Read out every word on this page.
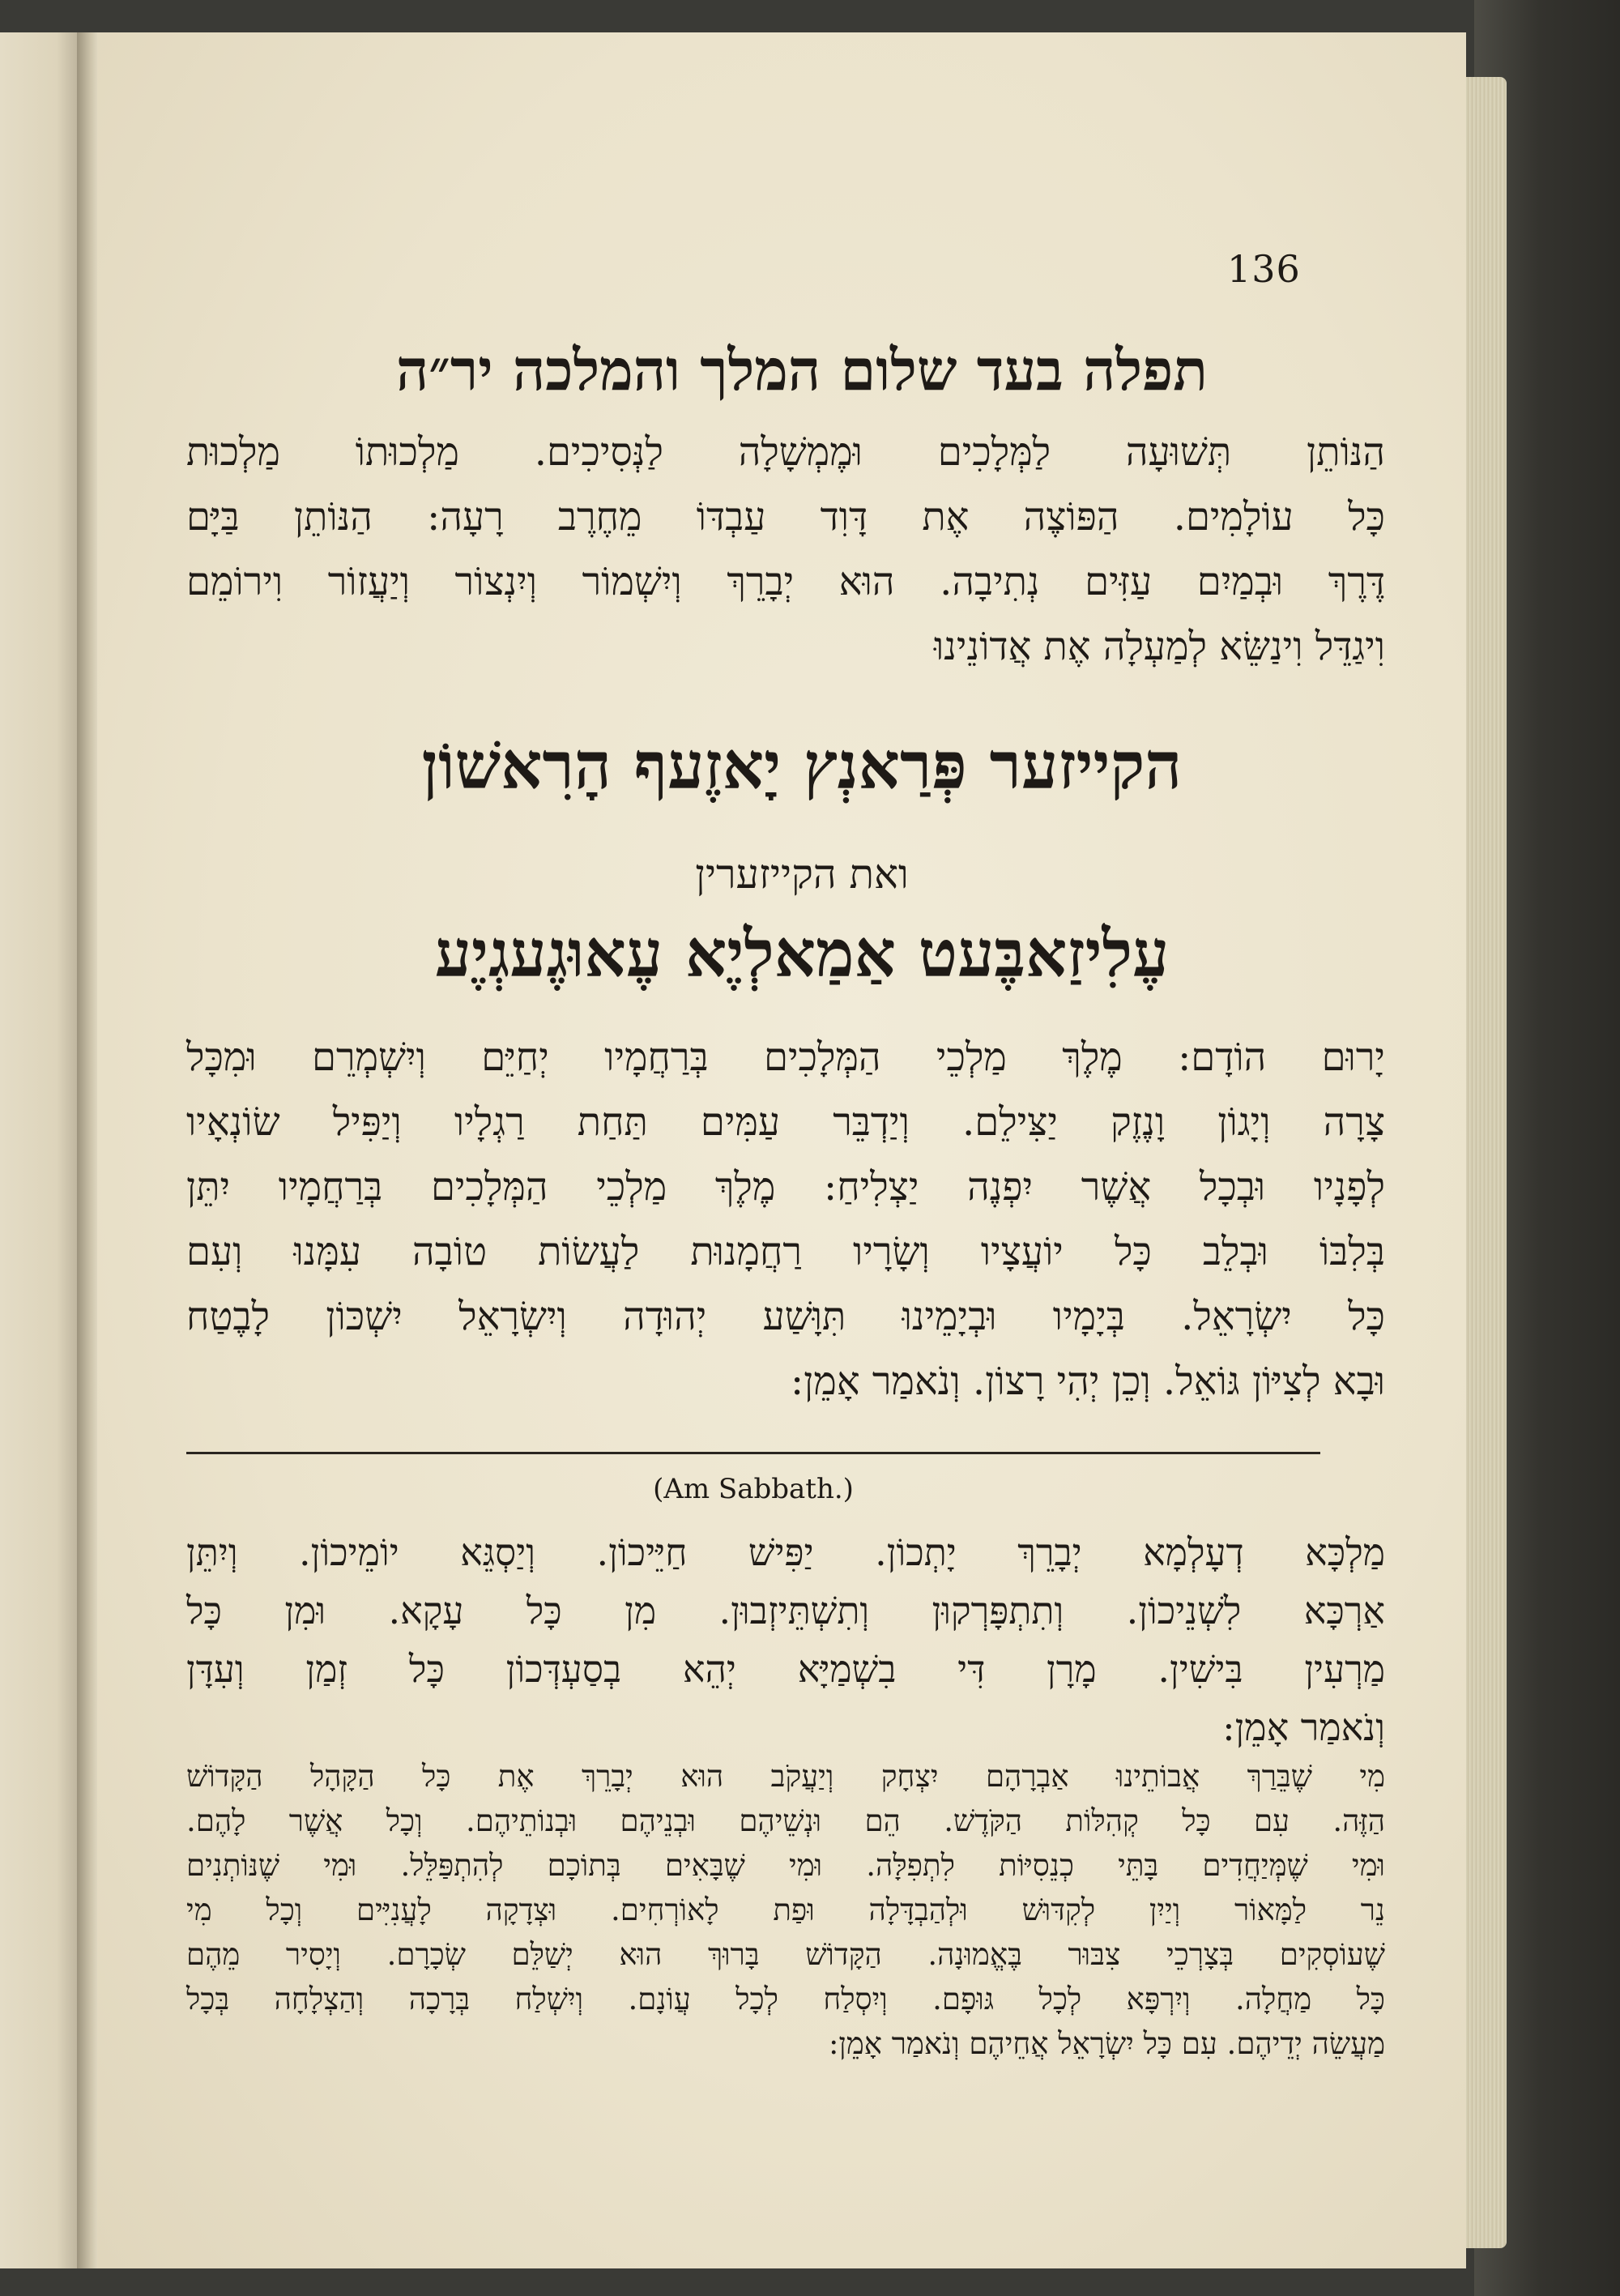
136
תפלה בעד שלום המלך והמלכה יר״ה
הַנּוֹתֵן תְּשׁוּעָה לַמְּלָכִים וּמֶמְשָׁלָה לַנְּסִיכִים. מַלְכוּתוֹ מַלְכוּת
כָּל עוֹלָמִים. הַפּוֹצֶה אֶת דָּוִד עַבְדּוֹ מֵחֶרֶב רָעָה: הַנּוֹתֵן בַּיָּם
דֶּרֶךְ וּבְמַיִם עַזִּים נְתִיבָה. הוּא יְבָרֵךְ וְיִשְׁמוֹר וְיִנְצוֹר וְיַעֲזוֹר וִירוֹמֵם
וִיגַדֵּל וִינַשֵּׂא לְמַעְלָה אֶת אֲדוֹנֵינוּ
הקייזער פְּרַאנְץ יָאזֶעף הָרִאשׁוֹן
ואת הקייזערין
עֶלִיזַאבֶּעט אַמַאלְיֶא עֶאוּגֶעגְיֶע
יָרוּם הוֹדָם: מֶלֶךְ מַלְכֵי הַמְּלָכִים בְּרַחֲמָיו יְחַיֵּם וְיִשְׁמְרֵם וּמִכָּל
צָרָה וְיָגוֹן וָנֶזֶק יַצִּילֵם. וְיַדְבֵּר עַמִּים תַּחַת רַגְלָיו וְיַפִּיל שׂוֹנְאָיו
לְפָנָיו וּבְכָל אֲשֶׁר יִפְנֶה יַצְלִיחַ: מֶלֶךְ מַלְכֵי הַמְּלָכִים בְּרַחֲמָיו יִתֵּן
בְּלִבּוֹ וּבְלֵב כָּל יוֹעֲצָיו וְשָׂרָיו רַחֲמָנוּת לַעֲשׂוֹת טוֹבָה עִמָּנוּ וְעִם
כָּל יִשְׂרָאֵל. בְּיָמָיו וּבְיָמֵינוּ תִּוָּשַׁע יְהוּדָה וְיִשְׂרָאֵל יִשְׁכּוֹן לָבֶטַח
וּבָא לְצִיּוֹן גּוֹאֵל. וְכֵן יְהִי רָצוֹן. וְנֹאמַר אָמֵן:
(Am Sabbath.)
מַלְכָּא דְעָלְמָא יְבָרֵךְ יָתְכוֹן. יַפִּישׁ חַיֵּיכוֹן. וְיַסְגֵּא יוֹמֵיכוֹן. וְיִתֵּן
אַרְכָּא לִשְׁנֵיכוֹן. וְתִתְפָּרְקוּן וְתִשְׁתֵּיזְבוּן. מִן כָּל עָקָא. וּמִן כָּל
מַרְעִין בִּישִׁין. מָרָן דִּי בִשְׁמַיָּא יְהֵא בְסַעְדְּכוֹן כָּל זְמַן וְעִדָּן
וְנֹאמַר אָמֵן:
מִי שֶׁבֵּרַךְ אֲבוֹתֵינוּ אַבְרָהָם יִצְחָק וְיַעֲקֹב הוּא יְבָרֵךְ אֶת כָּל הַקָּהָל הַקָּדוֹשׁ
הַזֶּה. עִם כָּל קְהִלּוֹת הַקֹּדֶשׁ. הֵם וּנְשֵׁיהֶם וּבְנֵיהֶם וּבְנוֹתֵיהֶם. וְכָל אֲשֶׁר לָהֶם.
וּמִי שֶׁמְּיַחֲדִים בָּתֵּי כְנֵסִיּוֹת לִתְפִלָּה. וּמִי שֶׁבָּאִים בְּתוֹכָם לְהִתְפַּלֵּל. וּמִי שֶׁנּוֹתְנִים
נֵר לַמָּאוֹר וְיַיִן לְקִדּוּשׁ וּלְהַבְדָּלָה וּפַת לָאוֹרְחִים. וּצְדָקָה לָעֲנִיִּים וְכָל מִי
שֶׁעוֹסְקִים בְּצָרְכֵי צִבּוּר בֶּאֱמוּנָה. הַקָּדוֹשׁ בָּרוּךְ הוּא יְשַׁלֵּם שְׂכָרָם. וְיָסִיר מֵהֶם
כָּל מַחֲלָה. וְיִרְפָּא לְכָל גּוּפָם. וְיִסְלַח לְכָל עֲוֹנָם. וְיִשְׁלַח בְּרָכָה וְהַצְלָחָה בְּכָל
מַעֲשֵׂה יְדֵיהֶם. עִם כָּל יִשְׂרָאֵל אֲחֵיהֶם וְנֹאמַר אָמֵן:
